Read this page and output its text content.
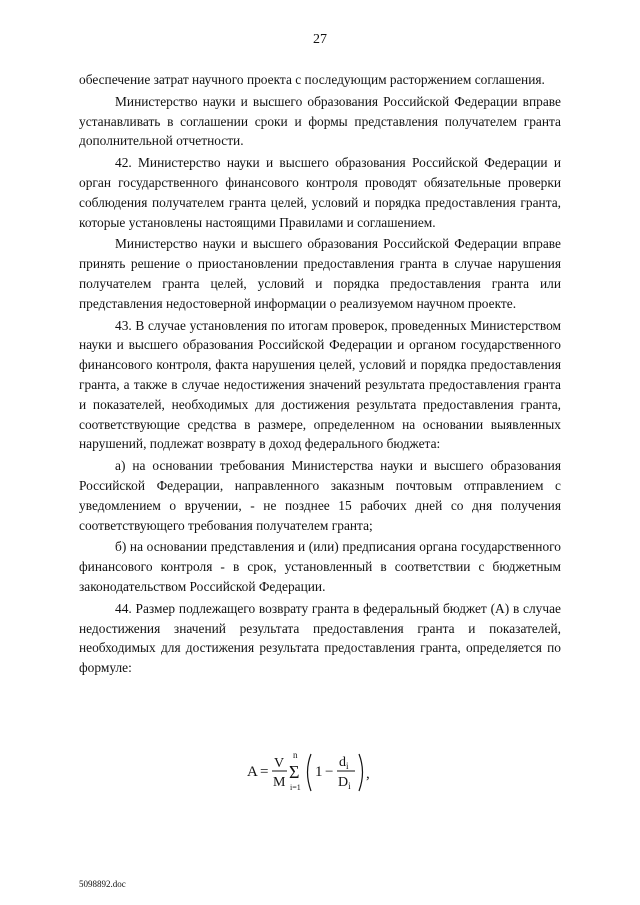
27

обеспечение затрат научного проекта с последующим расторжением соглашения.

Министерство науки и высшего образования Российской Федерации вправе устанавливать в соглашении сроки и формы представления получателем гранта дополнительной отчетности.

42. Министерство науки и высшего образования Российской Федерации и орган государственного финансового контроля проводят обязательные проверки соблюдения получателем гранта целей, условий и порядка предоставления гранта, которые установлены настоящими Правилами и соглашением.

Министерство науки и высшего образования Российской Федерации вправе принять решение о приостановлении предоставления гранта в случае нарушения получателем гранта целей, условий и порядка предоставления гранта или представления недостоверной информации о реализуемом научном проекте.

43. В случае установления по итогам проверок, проведенных Министерством науки и высшего образования Российской Федерации и органом государственного финансового контроля, факта нарушения целей, условий и порядка предоставления гранта, а также в случае недостижения значений результата предоставления гранта и показателей, необходимых для достижения результата предоставления гранта, соответствующие средства в размере, определенном на основании выявленных нарушений, подлежат возврату в доход федерального бюджета:

а) на основании требования Министерства науки и высшего образования Российской Федерации, направленного заказным почтовым отправлением с уведомлением о вручении, - не позднее 15 рабочих дней со дня получения соответствующего требования получателем гранта;

б) на основании представления и (или) предписания органа государственного финансового контроля - в срок, установленный в соответствии с бюджетным законодательством Российской Федерации.

44. Размер подлежащего возврату гранта в федеральный бюджет (А) в случае недостижения значений результата предоставления гранта и показателей, необходимых для достижения результата предоставления гранта, определяется по формуле:

A =
V
M
n
Σ
i=1
1 −
$d_i$
$D_i$
,
5098892.doc
